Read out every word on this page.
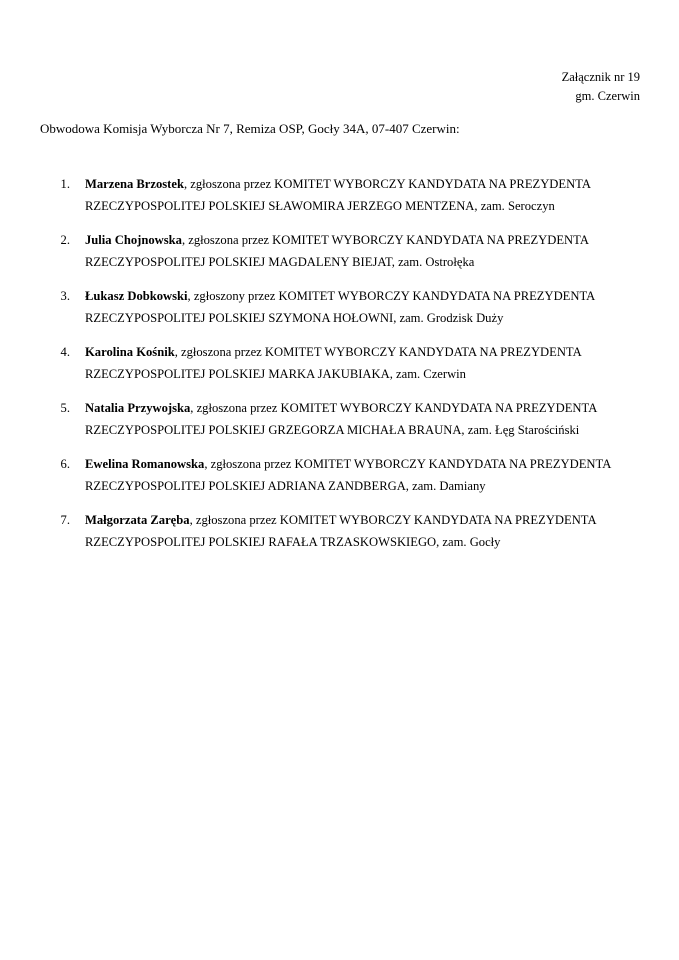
Załącznik nr 19
gm. Czerwin
Obwodowa Komisja Wyborcza Nr 7, Remiza OSP, Gocły 34A, 07-407 Czerwin:
1. Marzena Brzostek, zgłoszona przez KOMITET WYBORCZY KANDYDATA NA PREZYDENTA RZECZYPOSPOLITEJ POLSKIEJ SŁAWOMIRA JERZEGO MENTZENA, zam. Seroczyn
2. Julia Chojnowska, zgłoszona przez KOMITET WYBORCZY KANDYDATA NA PREZYDENTA RZECZYPOSPOLITEJ POLSKIEJ MAGDALENY BIEJAT, zam. Ostrołęka
3. Łukasz Dobkowski, zgłoszony przez KOMITET WYBORCZY KANDYDATA NA PREZYDENTA RZECZYPOSPOLITEJ POLSKIEJ SZYMONA HOŁOWNI, zam. Grodzisk Duży
4. Karolina Kośnik, zgłoszona przez KOMITET WYBORCZY KANDYDATA NA PREZYDENTA RZECZYPOSPOLITEJ POLSKIEJ MARKA JAKUBIAKA, zam. Czerwin
5. Natalia Przywojska, zgłoszona przez KOMITET WYBORCZY KANDYDATA NA PREZYDENTA RZECZYPOSPOLITEJ POLSKIEJ GRZEGORZA MICHAŁA BRAUNA, zam. Łęg Starościński
6. Ewelina Romanowska, zgłoszona przez KOMITET WYBORCZY KANDYDATA NA PREZYDENTA RZECZYPOSPOLITEJ POLSKIEJ ADRIANA ZANDBERGA, zam. Damiany
7. Małgorzata Zaręba, zgłoszona przez KOMITET WYBORCZY KANDYDATA NA PREZYDENTA RZECZYPOSPOLITEJ POLSKIEJ RAFAŁA TRZASKOWSKIEGO, zam. Gocły
